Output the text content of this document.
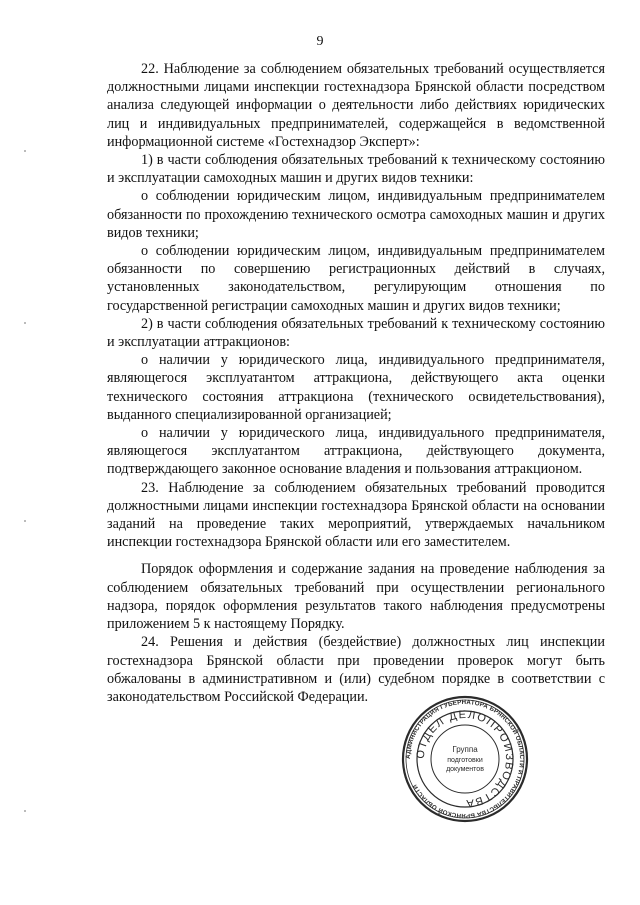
9

22. Наблюдение за соблюдением обязательных требований осуществляется должностными лицами инспекции гостехнадзора Брянской области посредством анализа следующей информации о деятельности либо действиях юридических лиц и индивидуальных предпринимателей, содержащейся в ведомственной информационной системе «Гостехнадзор Эксперт»:

1) в части соблюдения обязательных требований к техническому состоянию и эксплуатации самоходных машин и других видов техники:

о соблюдении юридическим лицом, индивидуальным предпринимателем обязанности по прохождению технического осмотра самоходных машин и других видов техники;

о соблюдении юридическим лицом, индивидуальным предпринимателем обязанности по совершению регистрационных действий в случаях, установленных законодательством, регулирующим отношения по государственной регистрации самоходных машин и других видов техники;

2) в части соблюдения обязательных требований к техническому состоянию и эксплуатации аттракционов:

о наличии у юридического лица, индивидуального предпринимателя, являющегося эксплуатантом аттракциона, действующего акта оценки технического состояния аттракциона (технического освидетельствования), выданного специализированной организацией;

о наличии у юридического лица, индивидуального предпринимателя, являющегося эксплуатантом аттракциона, действующего документа, подтверждающего законное основание владения и пользования аттракционом.

23. Наблюдение за соблюдением обязательных требований проводится должностными лицами инспекции гостехнадзора Брянской области на основании заданий на проведение таких мероприятий, утверждаемых начальником инспекции гостехнадзора Брянской области или его заместителем.

Порядок оформления и содержание задания на проведение наблюдения за соблюдением обязательных требований при осуществлении регионального надзора, порядок оформления результатов такого наблюдения предусмотрены приложением 5 к настоящему Порядку.

24. Решения и действия (бездействие) должностных лиц инспекции гостехнадзора Брянской области при проведении проверок могут быть обжалованы в административном и (или) судебном порядке в соответствии с законодательством Российской Федерации.

АДМИНИСТРАЦИЯ ГУБЕРНАТОРА БРЯНСКОЙ ОБЛАСТИ И ПРАВИТЕЛЬСТВА БРЯНСКОЙ ОБЛАСТИ
ОТДЕЛ ДЕЛОПРОИЗВОДСТВА
Группа
подготовки
документов
